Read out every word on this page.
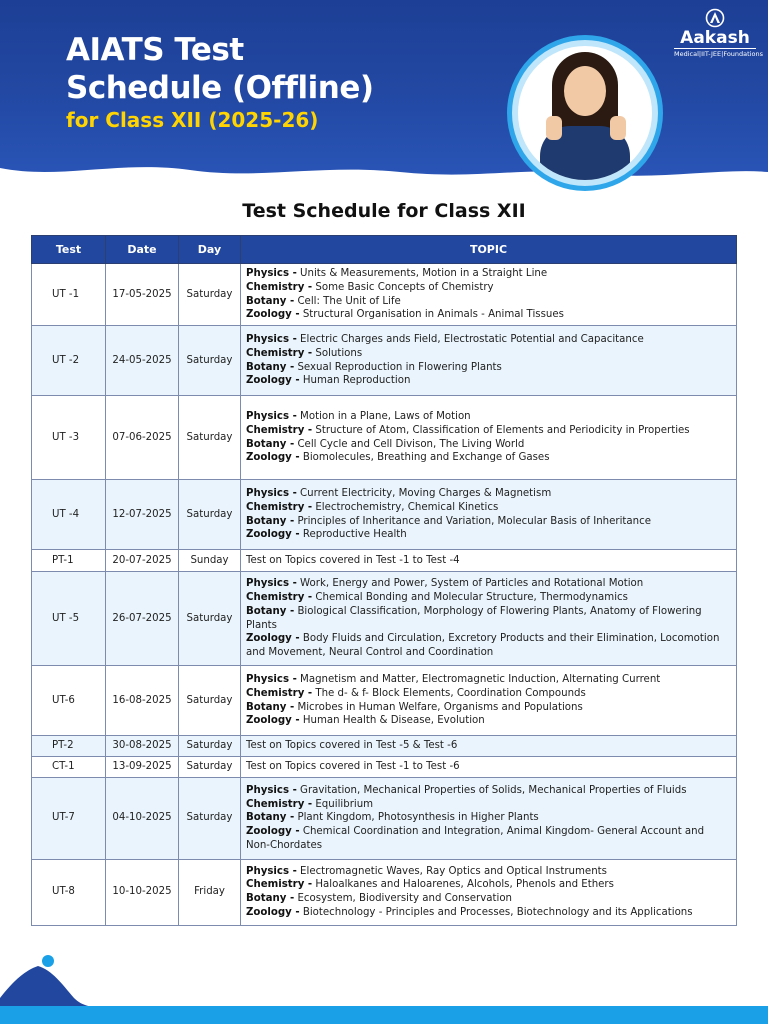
AIATS Test
Schedule (Offline)
for Class XII (2025-26)
Aakash
Medical|IIT-JEE|Foundations
Test Schedule for Class XII
Test	Date	Day	TOPIC
UT -1	17-05-2025	Saturday	Physics - Units & Measurements, Motion in a Straight Line
Chemistry - Some Basic Concepts of Chemistry
Botany - Cell: The Unit of Life
Zoology - Structural Organisation in Animals - Animal Tissues

UT -2	24-05-2025	Saturday	Physics - Electric Charges ands Field, Electrostatic Potential and Capacitance
Chemistry - Solutions
Botany - Sexual Reproduction in Flowering Plants
Zoology - Human Reproduction

UT -3	07-06-2025	Saturday	Physics - Motion in a Plane, Laws of Motion
Chemistry - Structure of Atom, Classification of Elements and Periodicity in Properties
Botany - Cell Cycle and Cell Divison, The Living World
Zoology - Biomolecules, Breathing and Exchange of Gases

UT -4	12-07-2025	Saturday	Physics - Current Electricity, Moving Charges & Magnetism
Chemistry - Electrochemistry, Chemical Kinetics
Botany - Principles of Inheritance and Variation, Molecular Basis of Inheritance
Zoology - Reproductive Health

PT-1	20-07-2025	Sunday	Test on Topics covered in Test -1 to Test -4

UT -5	26-07-2025	Saturday	Physics - Work, Energy and Power, System of Particles and Rotational Motion
Chemistry - Chemical Bonding and Molecular Structure, Thermodynamics
Botany - Biological Classification, Morphology of Flowering Plants, Anatomy of Flowering Plants
Zoology - Body Fluids and Circulation, Excretory Products and their Elimination, Locomotion and Movement, Neural Control and Coordination

UT-6	16-08-2025	Saturday	Physics - Magnetism and Matter, Electromagnetic Induction, Alternating Current
Chemistry - The d- & f- Block Elements, Coordination Compounds
Botany - Microbes in Human Welfare, Organisms and Populations
Zoology - Human Health & Disease, Evolution

PT-2	30-08-2025	Saturday	Test on Topics covered in Test -5 & Test -6

CT-1	13-09-2025	Saturday	Test on Topics covered in Test -1 to Test -6

UT-7	04-10-2025	Saturday	Physics - Gravitation, Mechanical Properties of Solids, Mechanical Properties of Fluids
Chemistry - Equilibrium
Botany - Plant Kingdom, Photosynthesis in Higher Plants
Zoology - Chemical Coordination and Integration, Animal Kingdom- General Account and Non-Chordates

UT-8	10-10-2025	Friday	Physics - Electromagnetic Waves, Ray Optics and Optical Instruments
Chemistry - Haloalkanes and Haloarenes, Alcohols, Phenols and Ethers
Botany - Ecosystem, Biodiversity and Conservation
Zoology - Biotechnology - Principles and Processes, Biotechnology and its Applications
